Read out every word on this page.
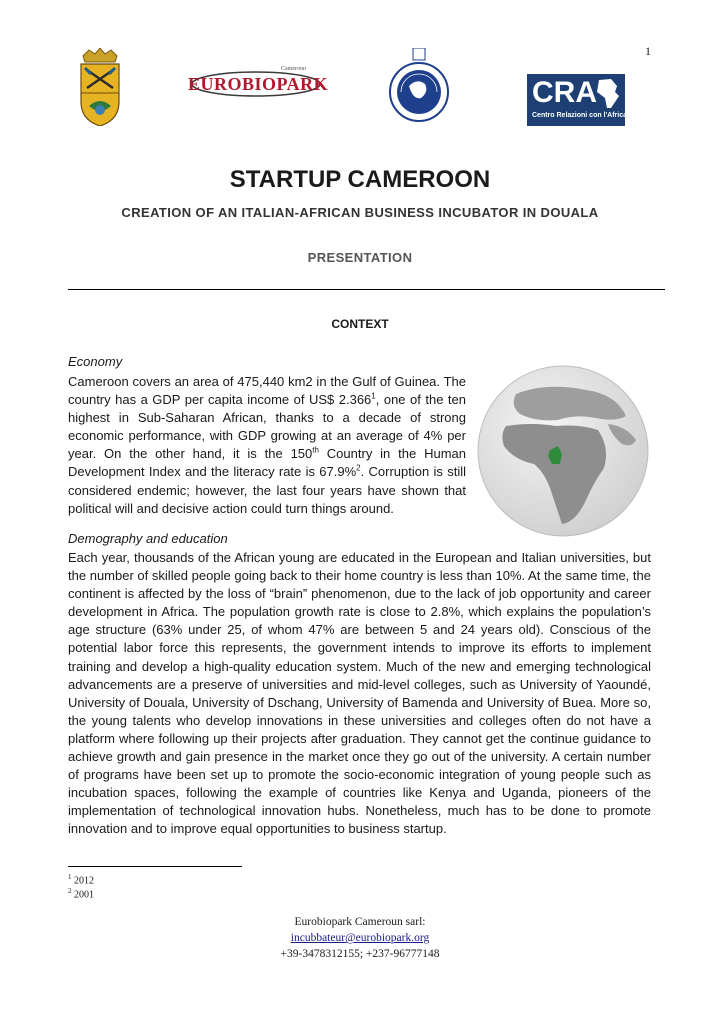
1
Cameroun
EUROBIOPARK	CRA
Centro Relazioni con l'Africa
STARTUP CAMEROON
CREATION OF AN ITALIAN-AFRICAN BUSINESS INCUBATOR IN DOUALA
PRESENTATION
CONTEXT
Economy
Cameroon covers an area of 475,440 km2 in the Gulf of Guinea. The country has a GDP per capita income of US$ 2.366$^1$, one of the ten highest in Sub-Saharan African, thanks to a decade of strong economic performance, with GDP growing at an average of 4% per year. On the other hand, it is the 150th Country in the Human Development Index and the literacy rate is 67.9%$^2$. Corruption is still considered endemic; however, the last four years have shown that political will and decisive action could turn things around.
Demography and education
Each year, thousands of the African young are educated in the European and Italian universities, but the number of skilled people going back to their home country is less than 10%. At the same time, the continent is affected by the loss of “brain” phenomenon, due to the lack of job opportunity and career development in Africa. The population growth rate is close to 2.8%, which explains the population’s age structure (63% under 25, of whom 47% are between 5 and 24 years old). Conscious of the potential labor force this represents, the government intends to improve its efforts to implement training and develop a high-quality education system. Much of the new and emerging technological advancements are a preserve of universities and mid-level colleges, such as University of Yaoundé, University of Douala, University of Dschang, University of Bamenda and University of Buea. More so, the young talents who develop innovations in these universities and colleges often do not have a platform where following up their projects after graduation. They cannot get the continue guidance to achieve growth and gain presence in the market once they go out of the university. A certain number of programs have been set up to promote the socio-economic integration of young people such as incubation spaces, following the example of countries like Kenya and Uganda, pioneers of the implementation of technological innovation hubs. Nonetheless, much has to be done to promote innovation and to improve equal opportunities to business startup.
$^1$ 2012
$^2$ 2001
Eurobiopark Cameroun sarl:
incubbateur@eurobiopark.org
+39-3478312155; +237-96777148
